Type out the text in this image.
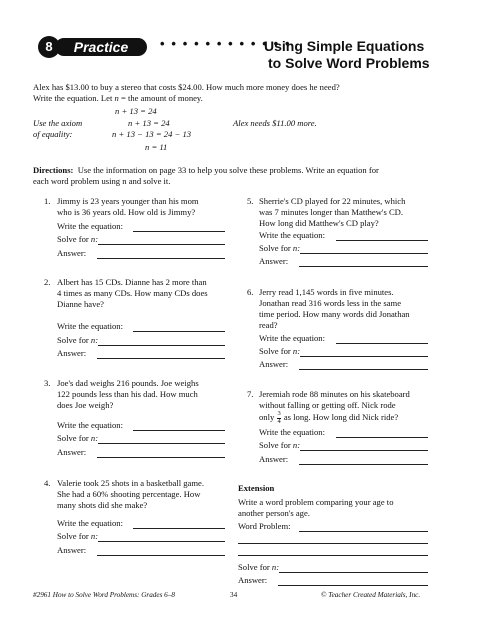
Practice
8	• • • • • • • • • • • •
Using Simple Equations
to Solve Word Problems
Alex has $13.00 to buy a stereo that costs $24.00. How much more money does he need?
Write the equation. Let n = the amount of money.
n + 13 = 24
Use the axiom
of equality:
n + 13 = 24
n + 13 − 13 = 24 − 13
n = 11
Alex needs $11.00 more.
Directions: Use the information on page 33 to help you solve these problems. Write an equation for
each word problem using n and solve it.
1. Jimmy is 23 years younger than his mom
who is 36 years old. How old is Jimmy?
Write the equation:
Solve for n:
Answer:
2. Albert has 15 CDs. Dianne has 2 more than
4 times as many CDs. How many CDs does
Dianne have?
Write the equation:
Solve for n:
Answer:
3. Joe's dad weighs 216 pounds. Joe weighs
122 pounds less than his dad. How much
does Joe weigh?
Write the equation:
Solve for n:
Answer:
4. Valerie took 25 shots in a basketball game.
She had a 60% shooting percentage. How
many shots did she make?
Write the equation:
Solve for n:
Answer:
5. Sherrie's CD played for 22 minutes, which
was 7 minutes longer than Matthew's CD.
How long did Matthew's CD play?
Write the equation:
Solve for n:
Answer:
6. Jerry read 1,145 words in five minutes.
Jonathan read 316 words less in the same
time period. How many words did Jonathan
read?
Write the equation:
Solve for n:
Answer:
7. Jeremiah rode 88 minutes on his skateboard
without falling or getting off. Nick rode
only $\frac{3}{4}$ as long. How long did Nick ride?
Write the equation:
Solve for n:
Answer:
Extension
Write a word problem comparing your age to
another person's age.
Word Problem:
Solve for n:
Answer:
#2961 How to Solve Word Problems: Grades 6–8	34	© Teacher Created Materials, Inc.
